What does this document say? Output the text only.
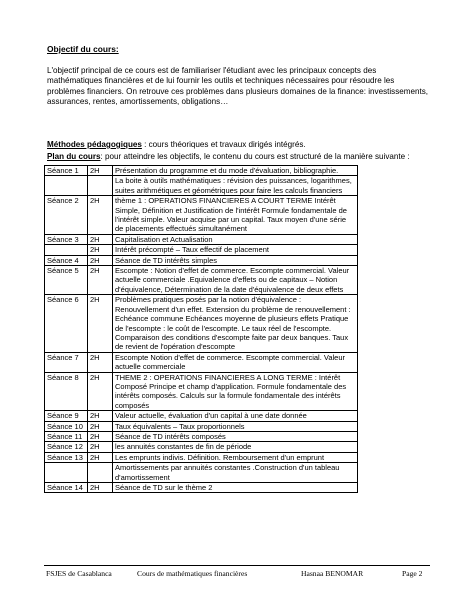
Objectif du cours:
L'objectif principal de ce cours est de familiariser l'étudiant avec les principaux concepts des mathématiques financières et de lui fournir les outils et techniques nécessaires pour résoudre les problèmes financiers. On retrouve ces problèmes dans plusieurs domaines de la finance: investissements, assurances, rentes, amortissements, obligations…
Méthodes pédagogiques : cours théoriques et travaux dirigés intégrés.
Plan du cours: pour atteindre les objectifs, le contenu du cours est structuré de la manière suivante :
Séance 1	2H	Présentation du programme et du mode d'évaluation, bibliographie.
		La boite à outils mathématiques : révision des puissances, logarithmes, suites arithmétiques et géométriques pour faire les calculs financiers
Séance 2	2H	thème 1 : OPERATIONS FINANCIERES A COURT TERME Intérêt Simple, Définition et Justification de l'intérêt Formule fondamentale de l'intérêt simple. Valeur acquise par un capital. Taux moyen d'une série de placements effectués simultanément
Séance 3	2H	Capitalisation et Actualisation
	2H	Intérêt précompté – Taux effectif de placement
Séance 4	2H	Séance de TD intérêts simples
Séance 5	2H	Escompte : Notion d'effet de commerce. Escompte commercial. Valeur actuelle commerciale .Equivalence d'effets ou de capitaux – Notion d'équivalence, Détermination de la date d'équivalence de deux effets
Séance 6	2H	Problèmes pratiques posés par la notion d'équivalence : Renouvellement d'un effet. Extension du problème de renouvellement : Echéance commune Echéances moyenne de plusieurs effets Pratique de l'escompte : le coût de l'escompte. Le taux réel de l'escompte. Comparaison des conditions d'escompte faite par deux banques. Taux de revient de l'opération d'escompte
Séance 7	2H	Escompte Notion d'effet de commerce. Escompte commercial. Valeur actuelle commerciale
Séance 8	2H	THEME 2 : OPERATIONS FINANCIERES A LONG TERME : Intérêt Composé Principe et champ d'application. Formule fondamentale des intérêts composés. Calculs sur la formule fondamentale des intérêts composés
Séance 9	2H	Valeur actuelle, évaluation d'un capital à une date donnée
Séance 10	2H	Taux équivalents – Taux proportionnels
Séance 11	2H	Séance de TD intérêts composés
Séance 12	2H	les annuités constantes de fin de période
Séance 13	2H	Les emprunts indivis. Définition. Remboursement d'un emprunt
		Amortissements par annuités constantes .Construction d'un tableau d'amortissement
Séance 14	2H	Séance de TD sur le thème 2
FSJES de Casablanca	Cours de mathématiques financières	Hasnaa BENOMAR	Page 2
